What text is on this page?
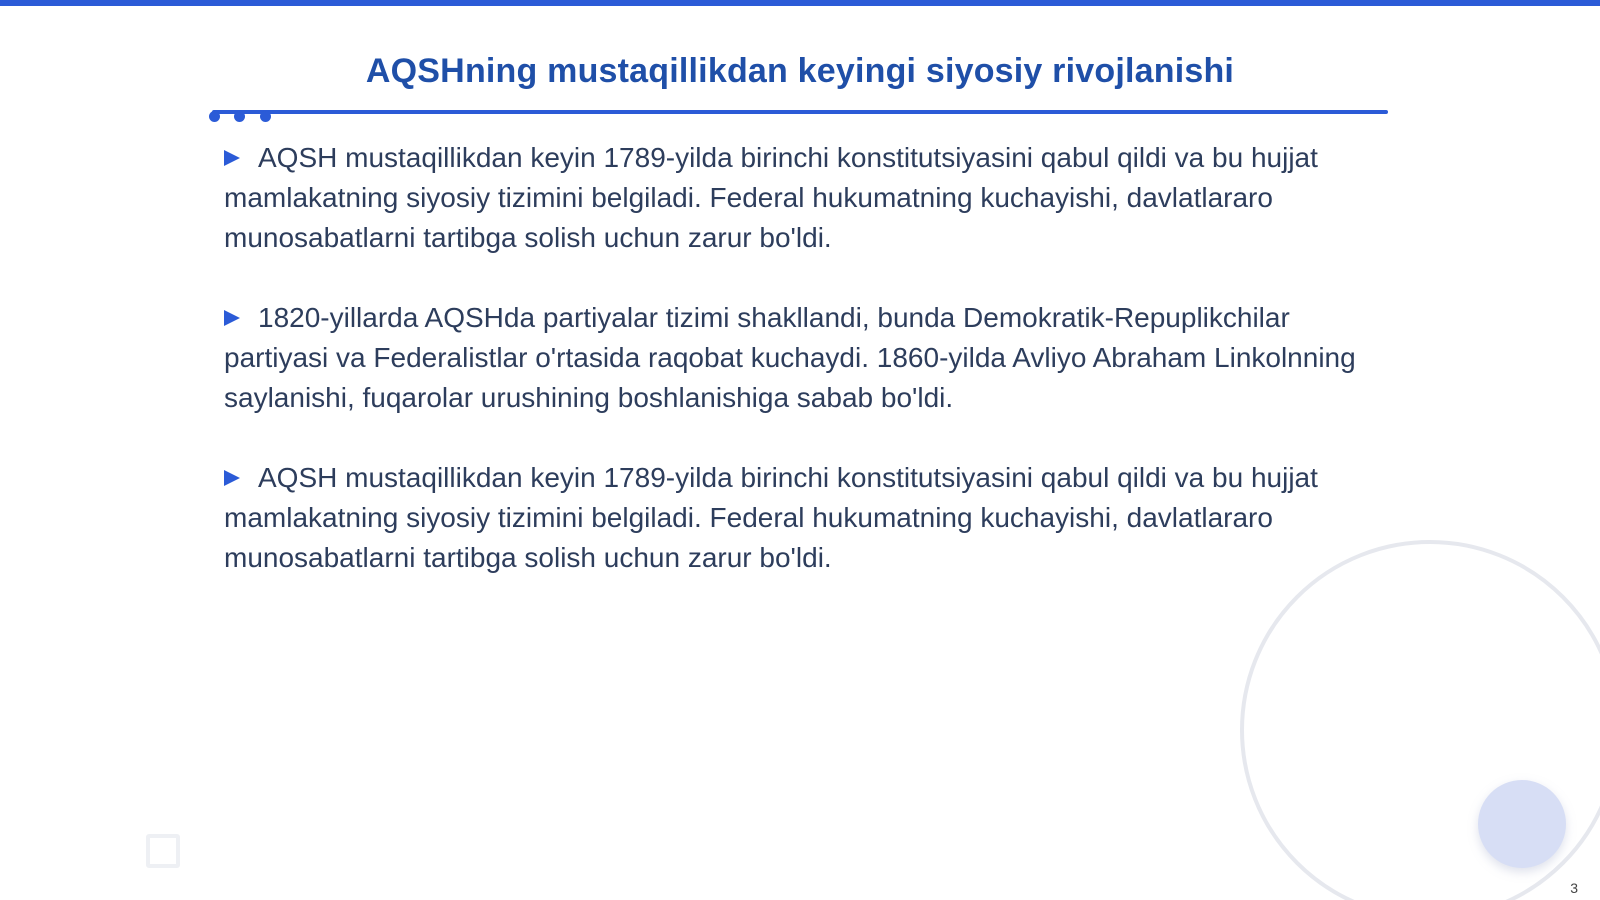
AQSHning mustaqillikdan keyingi siyosiy rivojlanishi

AQSH mustaqillikdan keyin 1789-yilda birinchi konstitutsiyasini qabul qildi va bu hujjat mamlakatning siyosiy tizimini belgiladi. Federal hukumatning kuchayishi, davlatlararo munosabatlarni tartibga solish uchun zarur bo'ldi.

1820-yillarda AQSHda partiyalar tizimi shakllandi, bunda Demokratik-Repuplikchilar partiyasi va Federalistlar o'rtasida raqobat kuchaydi. 1860-yilda Avliyo Abraham Linkolnning saylanishi, fuqarolar urushining boshlanishiga sabab bo'ldi.

AQSH mustaqillikdan keyin 1789-yilda birinchi konstitutsiyasini qabul qildi va bu hujjat mamlakatning siyosiy tizimini belgiladi. Federal hukumatning kuchayishi, davlatlararo munosabatlarni tartibga solish uchun zarur bo'ldi.

3
